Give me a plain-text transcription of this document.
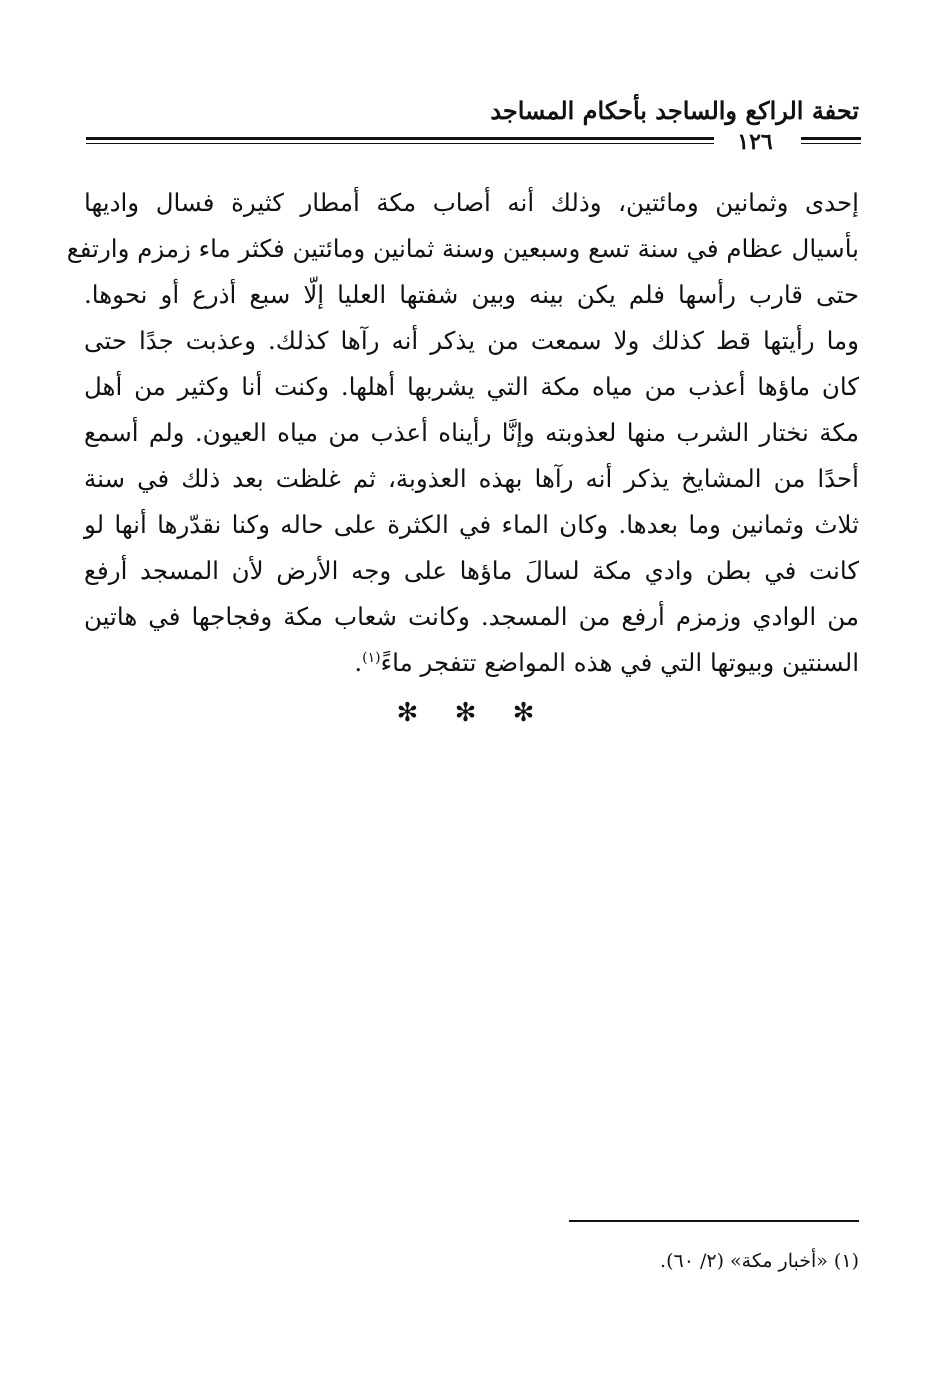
تحفة الراكع والساجد بأحكام المساجد
١٢٦
إحدى وثمانين ومائتين، وذلك أنه أصاب مكة أمطار كثيرة فسال واديها
بأسيال عظام في سنة تسع وسبعين وسنة ثمانين ومائتين فكثر ماء زمزم وارتفع
حتى قارب رأسها فلم يكن بينه وبين شفتها العليا إلّا سبع أذرع أو نحوها.
وما رأيتها قط كذلك ولا سمعت من يذكر أنه رآها كذلك. وعذبت جدًا حتى
كان ماؤها أعذب من مياه مكة التي يشربها أهلها. وكنت أنا وكثير من أهل
مكة نختار الشرب منها لعذوبته وإنَّا رأيناه أعذب من مياه العيون. ولم أسمع
أحدًا من المشايخ يذكر أنه رآها بهذه العذوبة، ثم غلظت بعد ذلك في سنة
ثلاث وثمانين وما بعدها. وكان الماء في الكثرة على حاله وكنا نقدّرها أنها لو
كانت في بطن وادي مكة لسالَ ماؤها على وجه الأرض لأن المسجد أرفع
من الوادي وزمزم أرفع من المسجد. وكانت شعاب مكة وفجاجها في هاتين
السنتين وبيوتها التي في هذه المواضع تتفجر ماءً$^{(١)}$.
✻ ✻ ✻
(١) «أخبار مكة» (٢/ ٦٠).
